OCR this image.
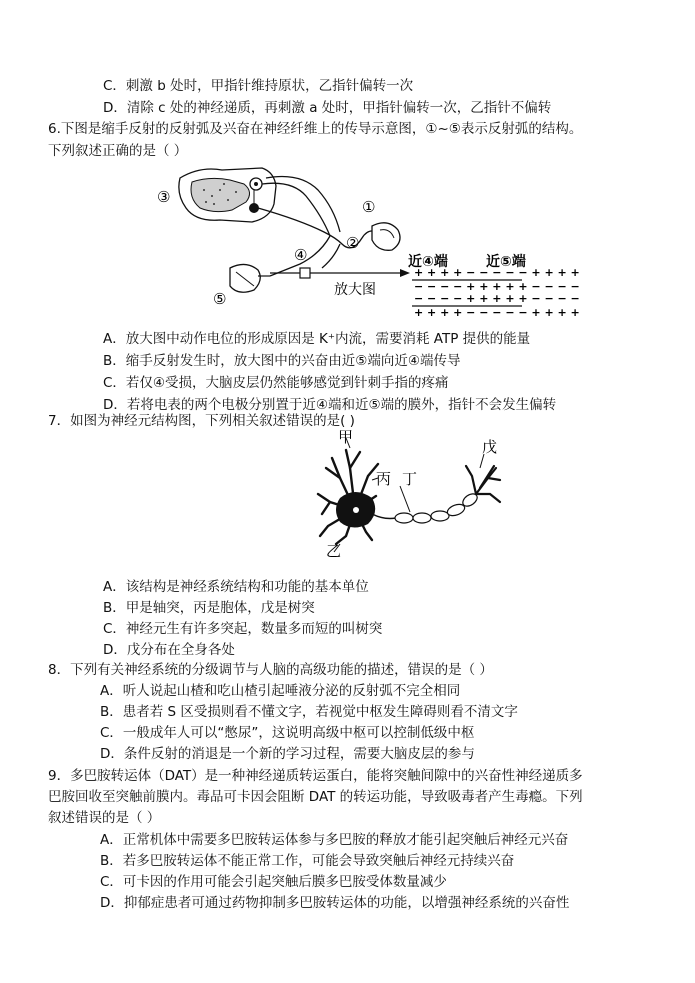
C．刺激 b 处时，甲指针维持原状，乙指针偏转一次
D．清除 c 处的神经递质，再刺激 a 处时，甲指针偏转一次，乙指针不偏转
6.下图是缩手反射的反射弧及兴奋在神经纤维上的传导示意图，①~⑤表示反射弧的结构。
下列叙述正确的是（ ）
③
①
②
④
⑤
近④端	近⑤端
放大图
+ + + + − − − − − + + + +
− − − − + + + + + − − − −
− − − − + + + + + − − − −
+ + + + − − − − − + + + +
A．放大图中动作电位的形成原因是 K⁺内流，需要消耗 ATP 提供的能量
B．缩手反射发生时，放大图中的兴奋由近⑤端向近④端传导
C．若仅④受损，大脑皮层仍然能够感觉到针刺手指的疼痛
D．若将电表的两个电极分别置于近④端和近⑤端的膜外，指针不会发生偏转
7．如图为神经元结构图，下列相关叙述错误的是( )
甲
丙 丁
戊
乙
A．该结构是神经系统结构和功能的基本单位
B．甲是轴突，丙是胞体，戊是树突
C．神经元生有许多突起，数量多而短的叫树突
D．戊分布在全身各处
8．下列有关神经系统的分级调节与人脑的高级功能的描述，错误的是（ ）
A．听人说起山楂和吃山楂引起唾液分泌的反射弧不完全相同
B．患者若 S 区受损则看不懂文字，若视觉中枢发生障碍则看不清文字
C．一般成年人可以“憋尿”，这说明高级中枢可以控制低级中枢
D．条件反射的消退是一个新的学习过程，需要大脑皮层的参与
9．多巴胺转运体（DAT）是一种神经递质转运蛋白，能将突触间隙中的兴奋性神经递质多
巴胺回收至突触前膜内。毒品可卡因会阻断 DAT 的转运功能，导致吸毒者产生毒瘾。下列
叙述错误的是（ ）
A．正常机体中需要多巴胺转运体参与多巴胺的释放才能引起突触后神经元兴奋
B．若多巴胺转运体不能正常工作，可能会导致突触后神经元持续兴奋
C．可卡因的作用可能会引起突触后膜多巴胺受体数量减少
D．抑郁症患者可通过药物抑制多巴胺转运体的功能，以增强神经系统的兴奋性
